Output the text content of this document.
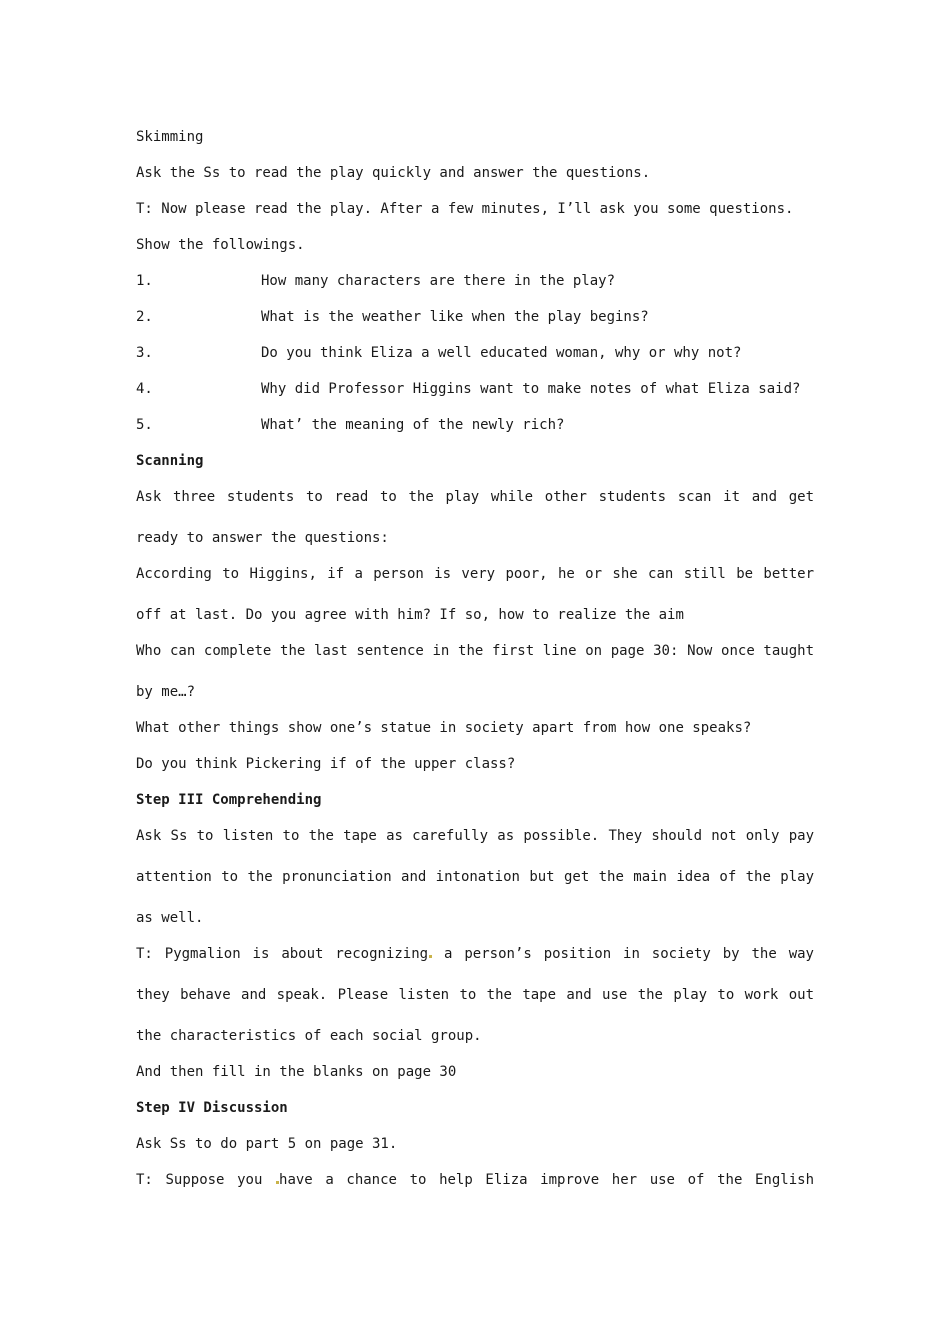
Skimming
Ask the Ss to read the play quickly and answer the questions.
T: Now please read the play. After a few minutes, I’ll ask you some questions.
Show the followings.
1.	How many characters are there in the play?
2.	What is the weather like when the play begins?
3.	Do you think Eliza a well educated woman, why or why not?
4.	Why did Professor Higgins want to make notes of what Eliza said?
5.	What’ the meaning of the newly rich?
Scanning
Ask three students to read to the play while other students scan it and get ready to answer the questions:
According to Higgins, if a person is very poor, he or she can still be better off at last. Do you agree with him? If so, how to realize the aim
Who can complete the last sentence in the first line on page 30: Now once taught by me…?
What other things show one’s statue in society apart from how one speaks?
Do you think Pickering if of the upper class?
Step III Comprehending
Ask Ss to listen to the tape as carefully as possible. They should not only pay attention to the pronunciation and intonation but get the main idea of the play as well.
T: Pygmalion is about recognizing a person’s position in society by the way they behave and speak. Please listen to the tape and use the play to work out the characteristics of each social group.
And then fill in the blanks on page 30
Step IV Discussion
Ask Ss to do part 5 on page 31.
T: Suppose you have a chance to help Eliza improve her use of the English
